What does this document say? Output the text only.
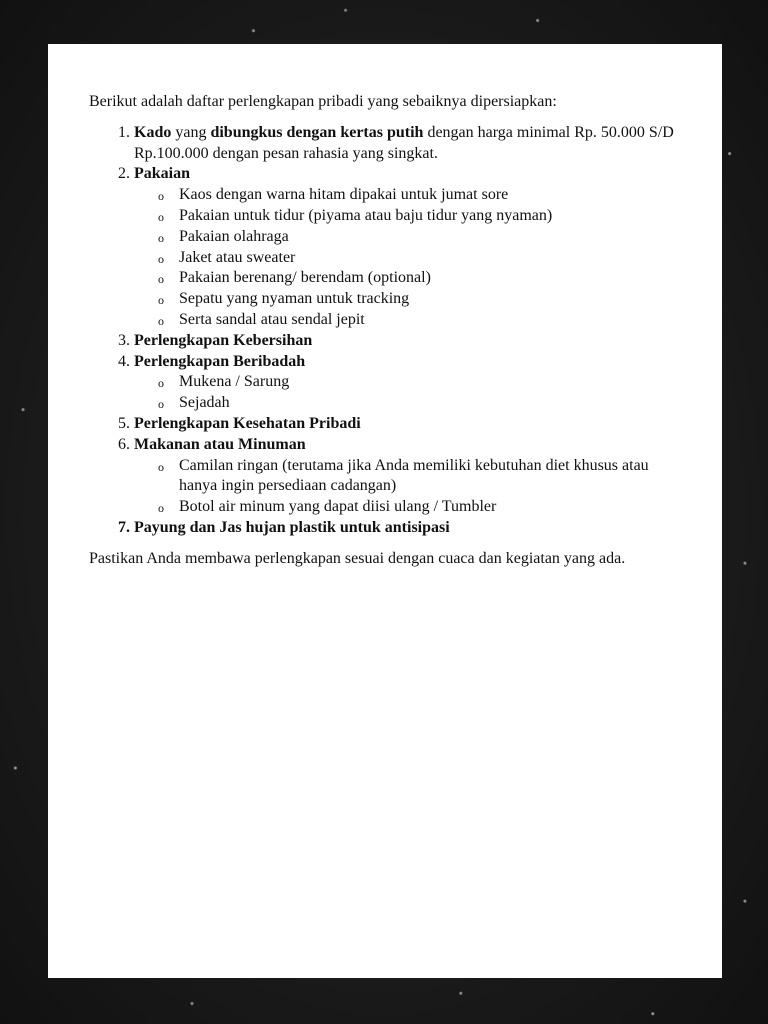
Berikut adalah daftar perlengkapan pribadi yang sebaiknya dipersiapkan:

1. Kado yang dibungkus dengan kertas putih dengan harga minimal Rp. 50.000 S/D Rp.100.000 dengan pesan rahasia yang singkat.
2. Pakaian
o Kaos dengan warna hitam dipakai untuk jumat sore
o Pakaian untuk tidur (piyama atau baju tidur yang nyaman)
o Pakaian olahraga
o Jaket atau sweater
o Pakaian berenang/ berendam (optional)
o Sepatu yang nyaman untuk tracking
o Serta sandal atau sendal jepit
3. Perlengkapan Kebersihan
4. Perlengkapan Beribadah
o Mukena / Sarung
o Sejadah
5. Perlengkapan Kesehatan Pribadi
6. Makanan atau Minuman
o Camilan ringan (terutama jika Anda memiliki kebutuhan diet khusus atau hanya ingin persediaan cadangan)
o Botol air minum yang dapat diisi ulang / Tumbler
7. Payung dan Jas hujan plastik untuk antisipasi

Pastikan Anda membawa perlengkapan sesuai dengan cuaca dan kegiatan yang ada.
